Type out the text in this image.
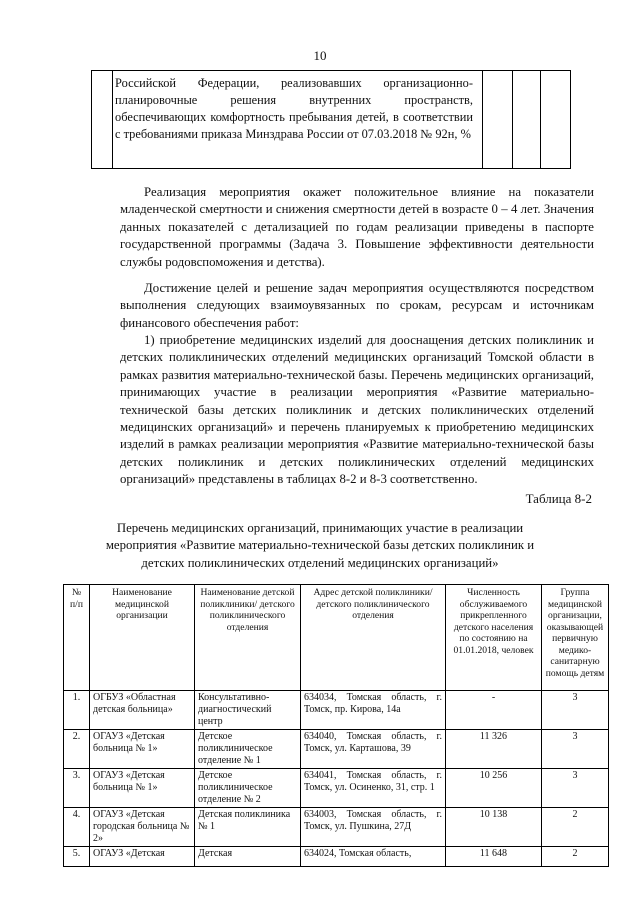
10
Российской Федерации, реализовавших организационно-планировочные решения внутренних пространств, обеспечивающих комфортность пребывания детей, в соответствии с требованиями приказа Минздрава России от 07.03.2018 № 92н, %
Реализация мероприятия окажет положительное влияние на показатели младенческой смертности и снижения смертности детей в возрасте 0 – 4 лет. Значения данных показателей с детализацией по годам реализации приведены в паспорте государственной программы (Задача 3. Повышение эффективности деятельности службы родовспоможения и детства).
Достижение целей и решение задач мероприятия осуществляются посредством выполнения следующих взаимоувязанных по срокам, ресурсам и источникам финансового обеспечения работ:
1) приобретение медицинских изделий для дооснащения детских поликлиник и детских поликлинических отделений медицинских организаций Томской области в рамках развития материально-технической базы. Перечень медицинских организаций, принимающих участие в реализации мероприятия «Развитие материально-технической базы детских поликлиник и детских поликлинических отделений медицинских организаций» и перечень планируемых к приобретению медицинских изделий в рамках реализации мероприятия «Развитие материально-технической базы детских поликлиник и детских поликлинических отделений медицинских организаций» представлены в таблицах 8-2 и 8-3 соответственно.
Таблица 8-2
Перечень медицинских организаций, принимающих участие в реализации мероприятия «Развитие материально-технической базы детских поликлиник и детских поликлинических отделений медицинских организаций»
№ п/п	Наименование медицинской организации	Наименование детской поликлиники/ детского поликлинического отделения	Адрес детской поликлиники/ детского поликлинического отделения	Численность обслуживаемого прикрепленного детского населения по состоянию на 01.01.2018, человек	Группа медицинской организации, оказывающей первичную медико-санитарную помощь детям
1.	ОГБУЗ «Областная детская больница»	Консультативно-диагностический центр	634034, Томская область, г. Томск, пр. Кирова, 14а	-	3
2.	ОГАУЗ «Детская больница № 1»	Детское поликлиническое отделение № 1	634040, Томская область, г. Томск, ул. Карташова, 39	11 326	3
3.	ОГАУЗ «Детская больница № 1»	Детское поликлиническое отделение № 2	634041, Томская область, г. Томск, ул. Осиненко, 31, стр. 1	10 256	3
4.	ОГАУЗ «Детская городская больница № 2»	Детская поликлиника № 1	634003, Томская область, г. Томск, ул. Пушкина, 27Д	10 138	2
5.	ОГАУЗ «Детская	Детская	634024, Томская область,	11 648	2
